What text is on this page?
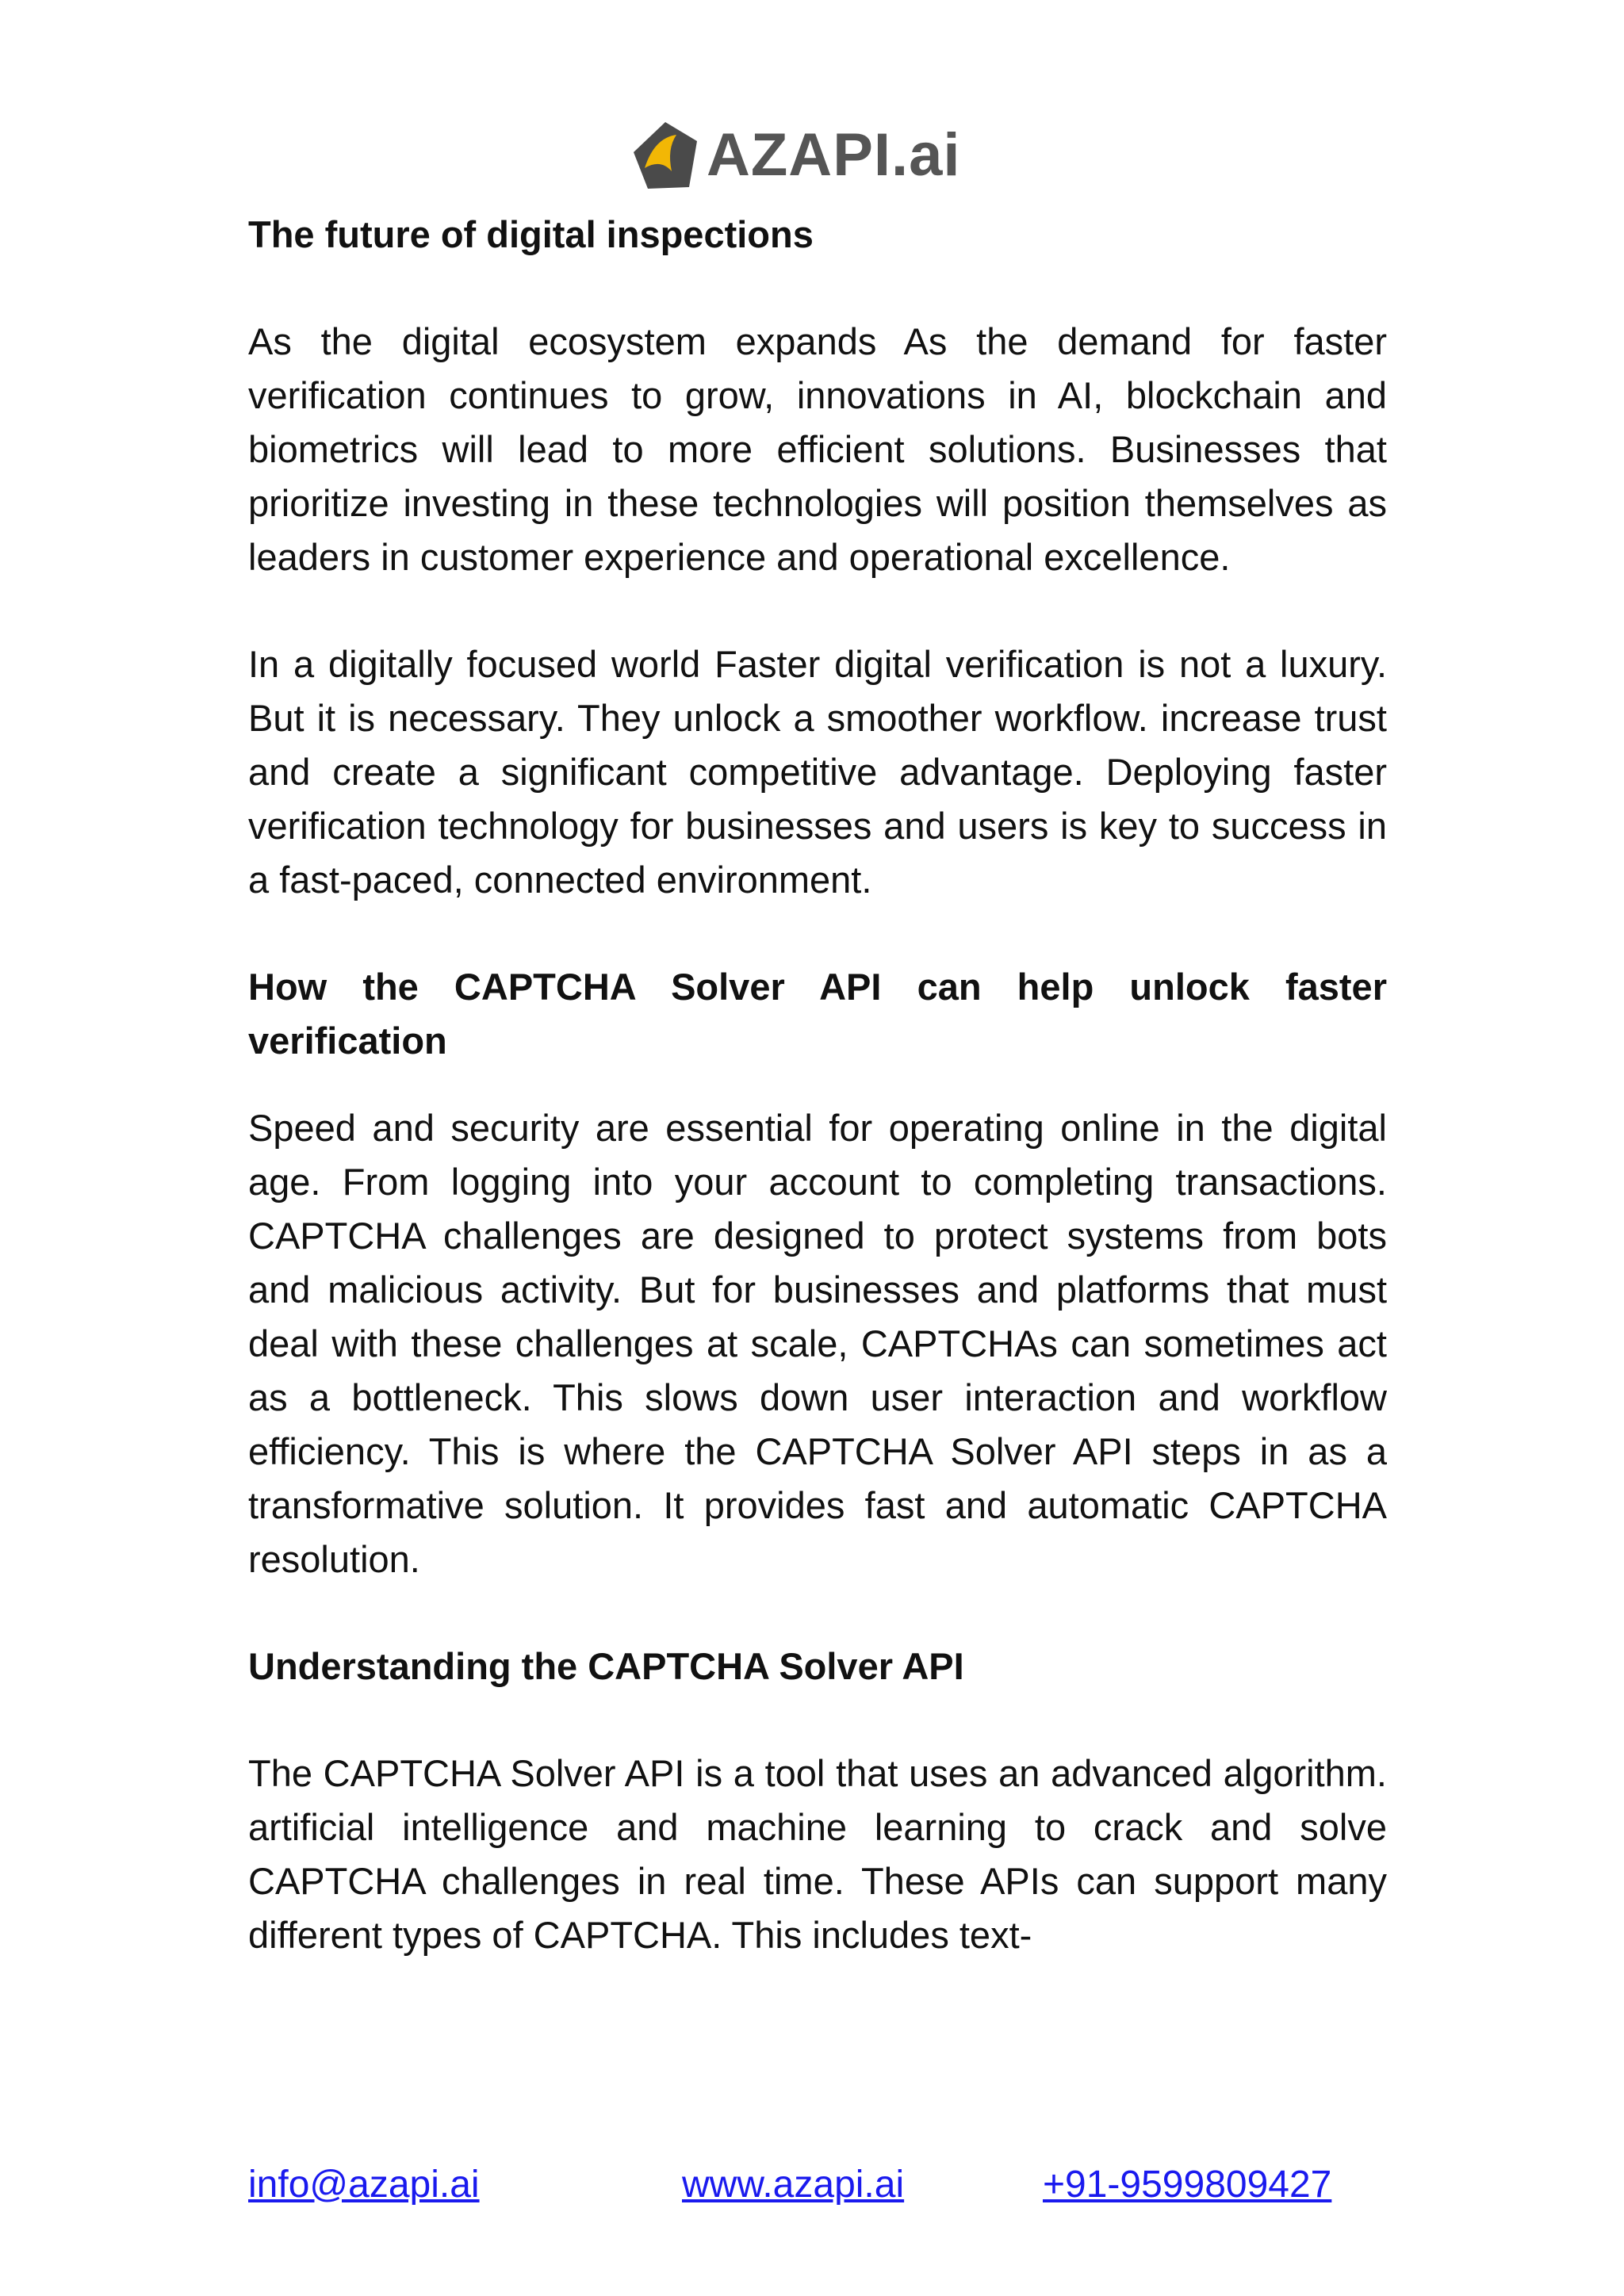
AZAPI.ai
The future of digital inspections

As the digital ecosystem expands As the demand for faster verification continues to grow, innovations in AI, blockchain and biometrics will lead to more efficient solutions. Businesses that prioritize investing in these technologies will position themselves as leaders in customer experience and operational excellence.

In a digitally focused world Faster digital verification is not a luxury. But it is necessary. They unlock a smoother workflow. increase trust and create a significant competitive advantage. Deploying faster verification technology for businesses and users is key to success in a fast-paced, connected environment.

How the CAPTCHA Solver API can help unlock faster verification

Speed and security are essential for operating online in the digital age. From logging into your account to completing transactions. CAPTCHA challenges are designed to protect systems from bots and malicious activity. But for businesses and platforms that must deal with these challenges at scale, CAPTCHAs can sometimes act as a bottleneck. This slows down user interaction and workflow efficiency. This is where the CAPTCHA Solver API steps in as a transformative solution. It provides fast and automatic CAPTCHA resolution.

Understanding the CAPTCHA Solver API

The CAPTCHA Solver API is a tool that uses an advanced algorithm. artificial intelligence and machine learning to crack and solve CAPTCHA challenges in real time. These APIs can support many different types of CAPTCHA. This includes text-

info@azapi.ai	www.azapi.ai	+91-9599809427
